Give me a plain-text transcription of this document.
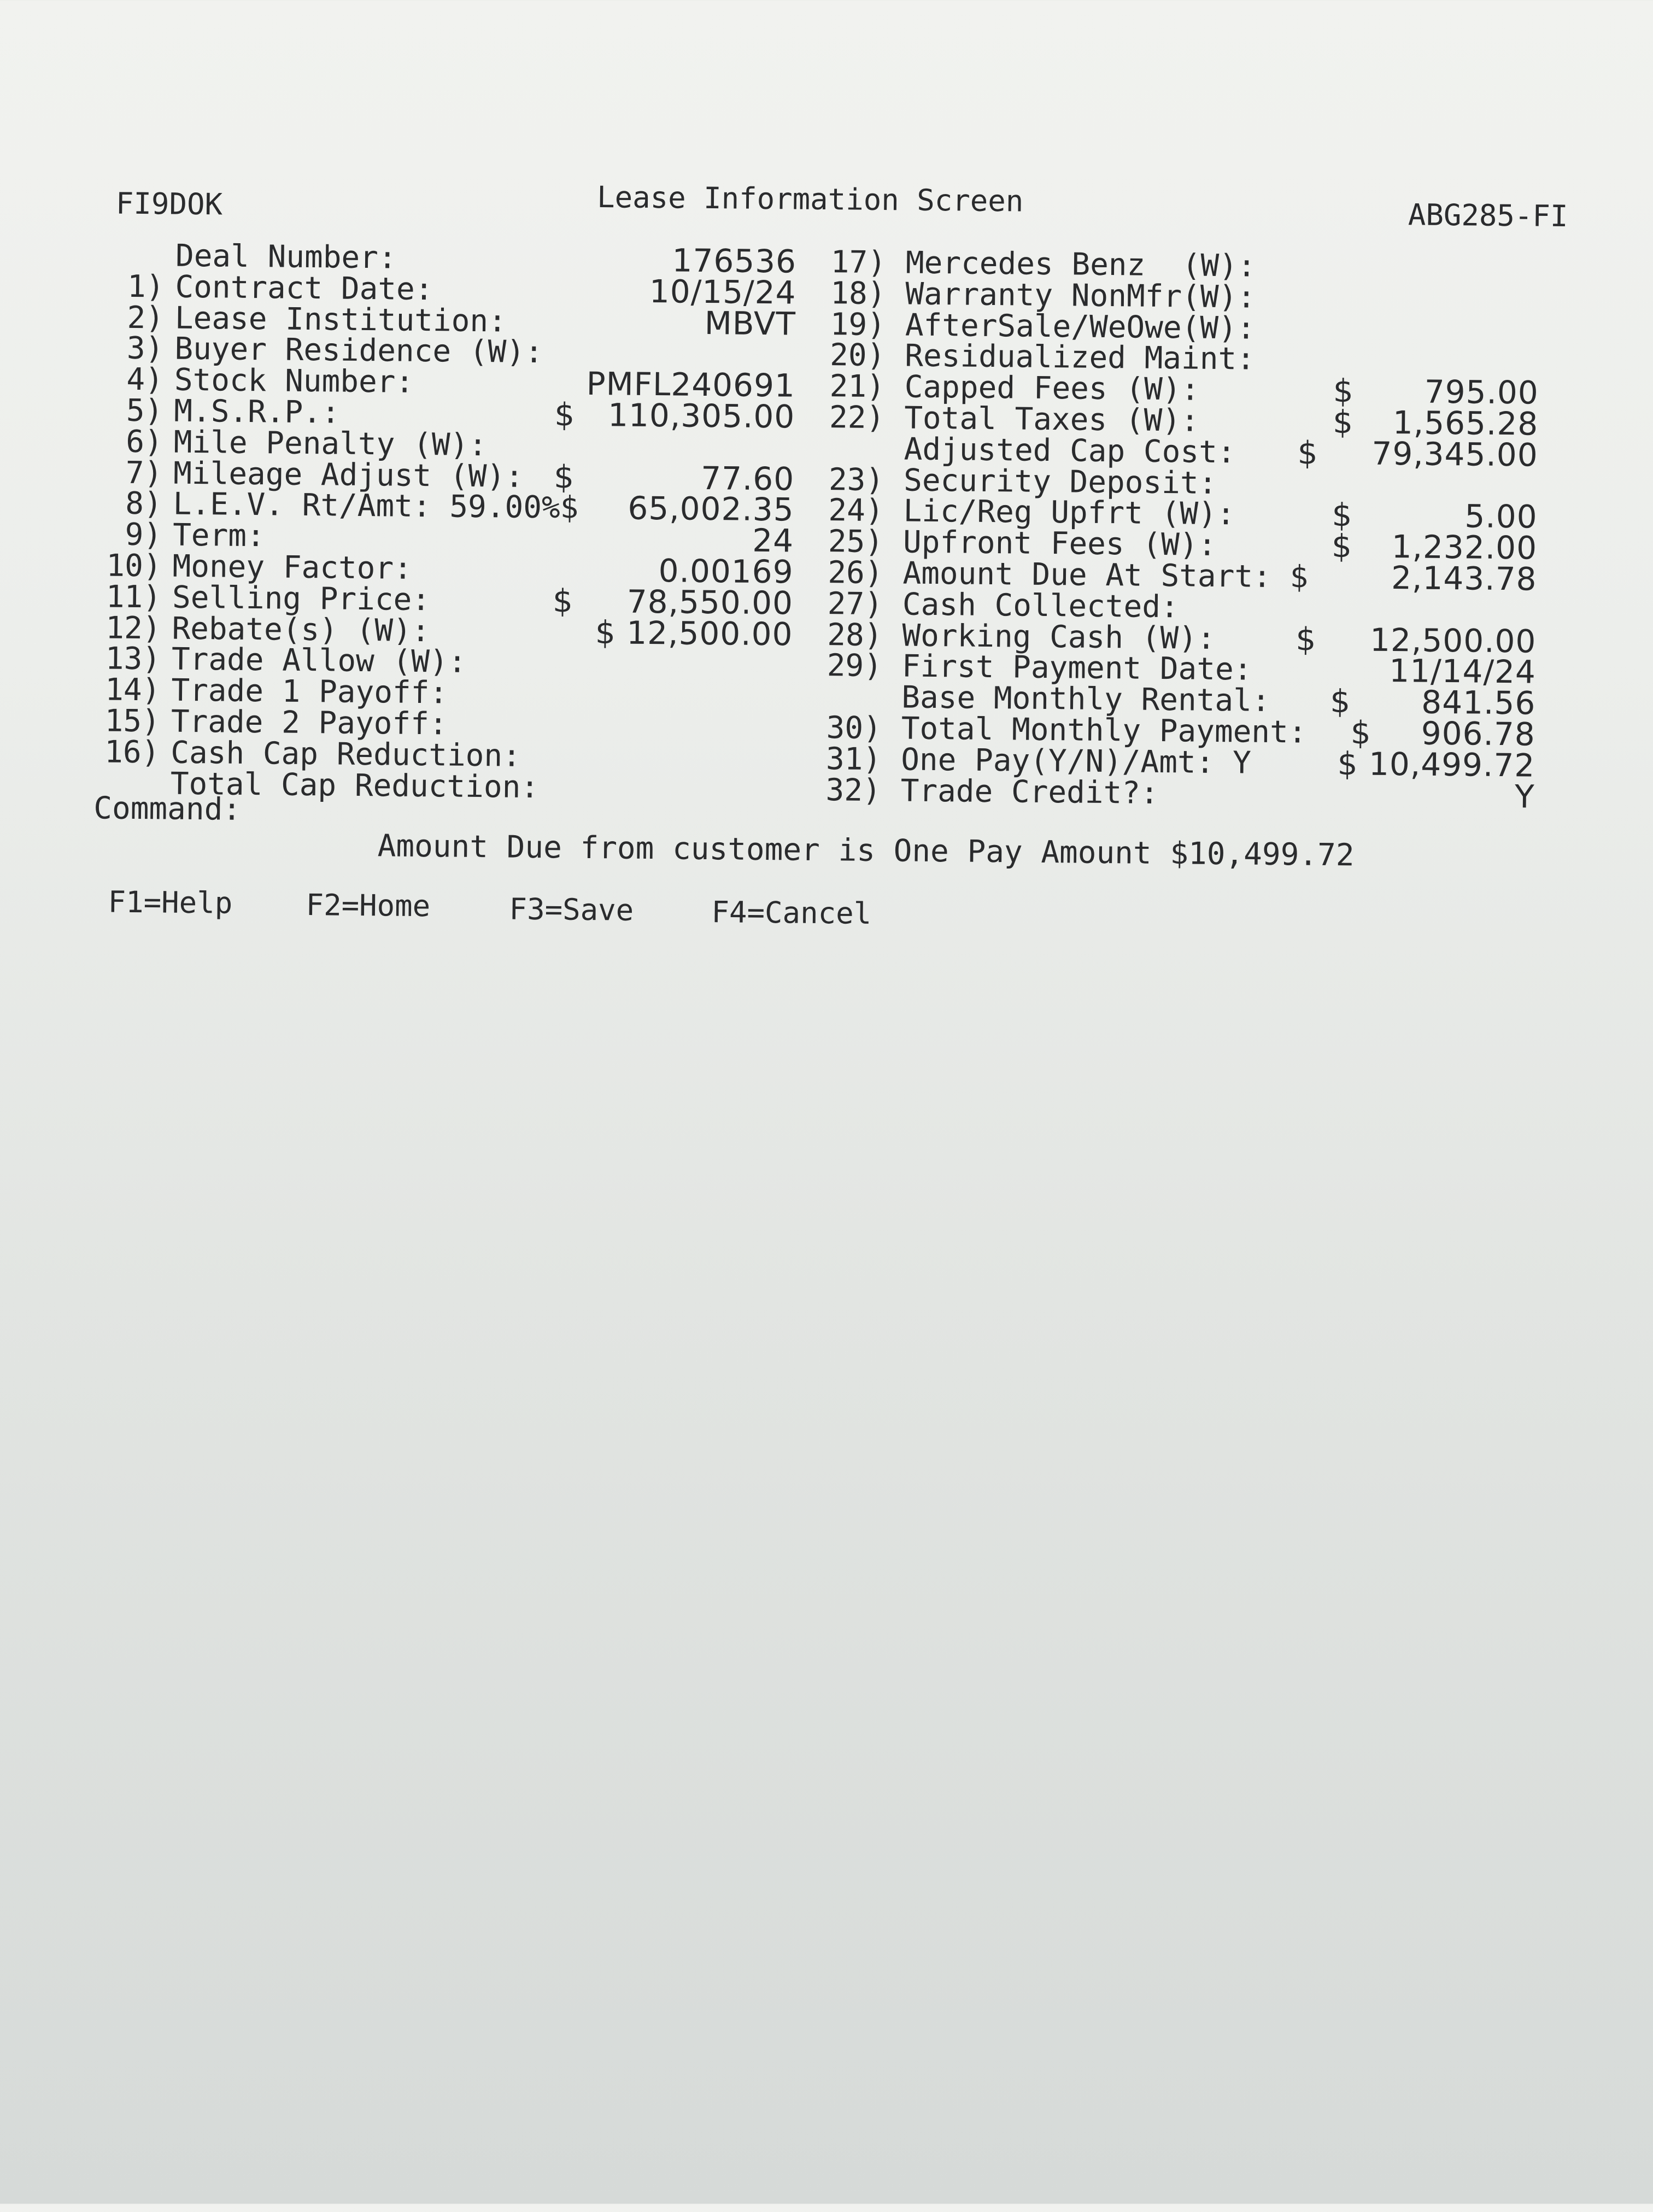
FI9DOK	Lease Information Screen	ABG285-FI
Deal Number:	176536
1) Contract Date:	10/15/24
2) Lease Institution:	MBVT
3) Buyer Residence (W):
4) Stock Number:	PMFL240691
5) M.S.R.P.:	$ 110,305.00
6) Mile Penalty (W):
7) Mileage Adjust (W): $	77.60
8) L.E.V. Rt/Amt: 59.00%$ 65,002.35
9) Term:	24
10) Money Factor:	0.00169
11) Selling Price:	$ 78,550.00
12) Rebate(s) (W):	$ 12,500.00
13) Trade Allow (W):
14) Trade 1 Payoff:
15) Trade 2 Payoff:
16) Cash Cap Reduction:
Total Cap Reduction:
17) Mercedes Benz  (W):
18) Warranty NonMfr(W):
19) AfterSale/WeOwe(W):
20) Residualized Maint:
21) Capped Fees (W):	$ 795.00
22) Total Taxes (W):	$ 1,565.28
Adjusted Cap Cost: $ 79,345.00
23) Security Deposit:
24) Lic/Reg Upfrt (W):	$	5.00
25) Upfront Fees (W):	$ 1,232.00
26) Amount Due At Start: $	2,143.78
27) Cash Collected:
28) Working Cash (W):	$ 12,500.00
29) First Payment Date:	11/14/24
Base Monthly Rental: $ 841.56
30) Total Monthly Payment: $ 906.78
31) One Pay(Y/N)/Amt: Y	$ 10,499.72
32) Trade Credit?:	Y
Command:
Amount Due from customer is One Pay Amount $10,499.72
F1=Help F2=Home	F3=Save	F4=Cancel
